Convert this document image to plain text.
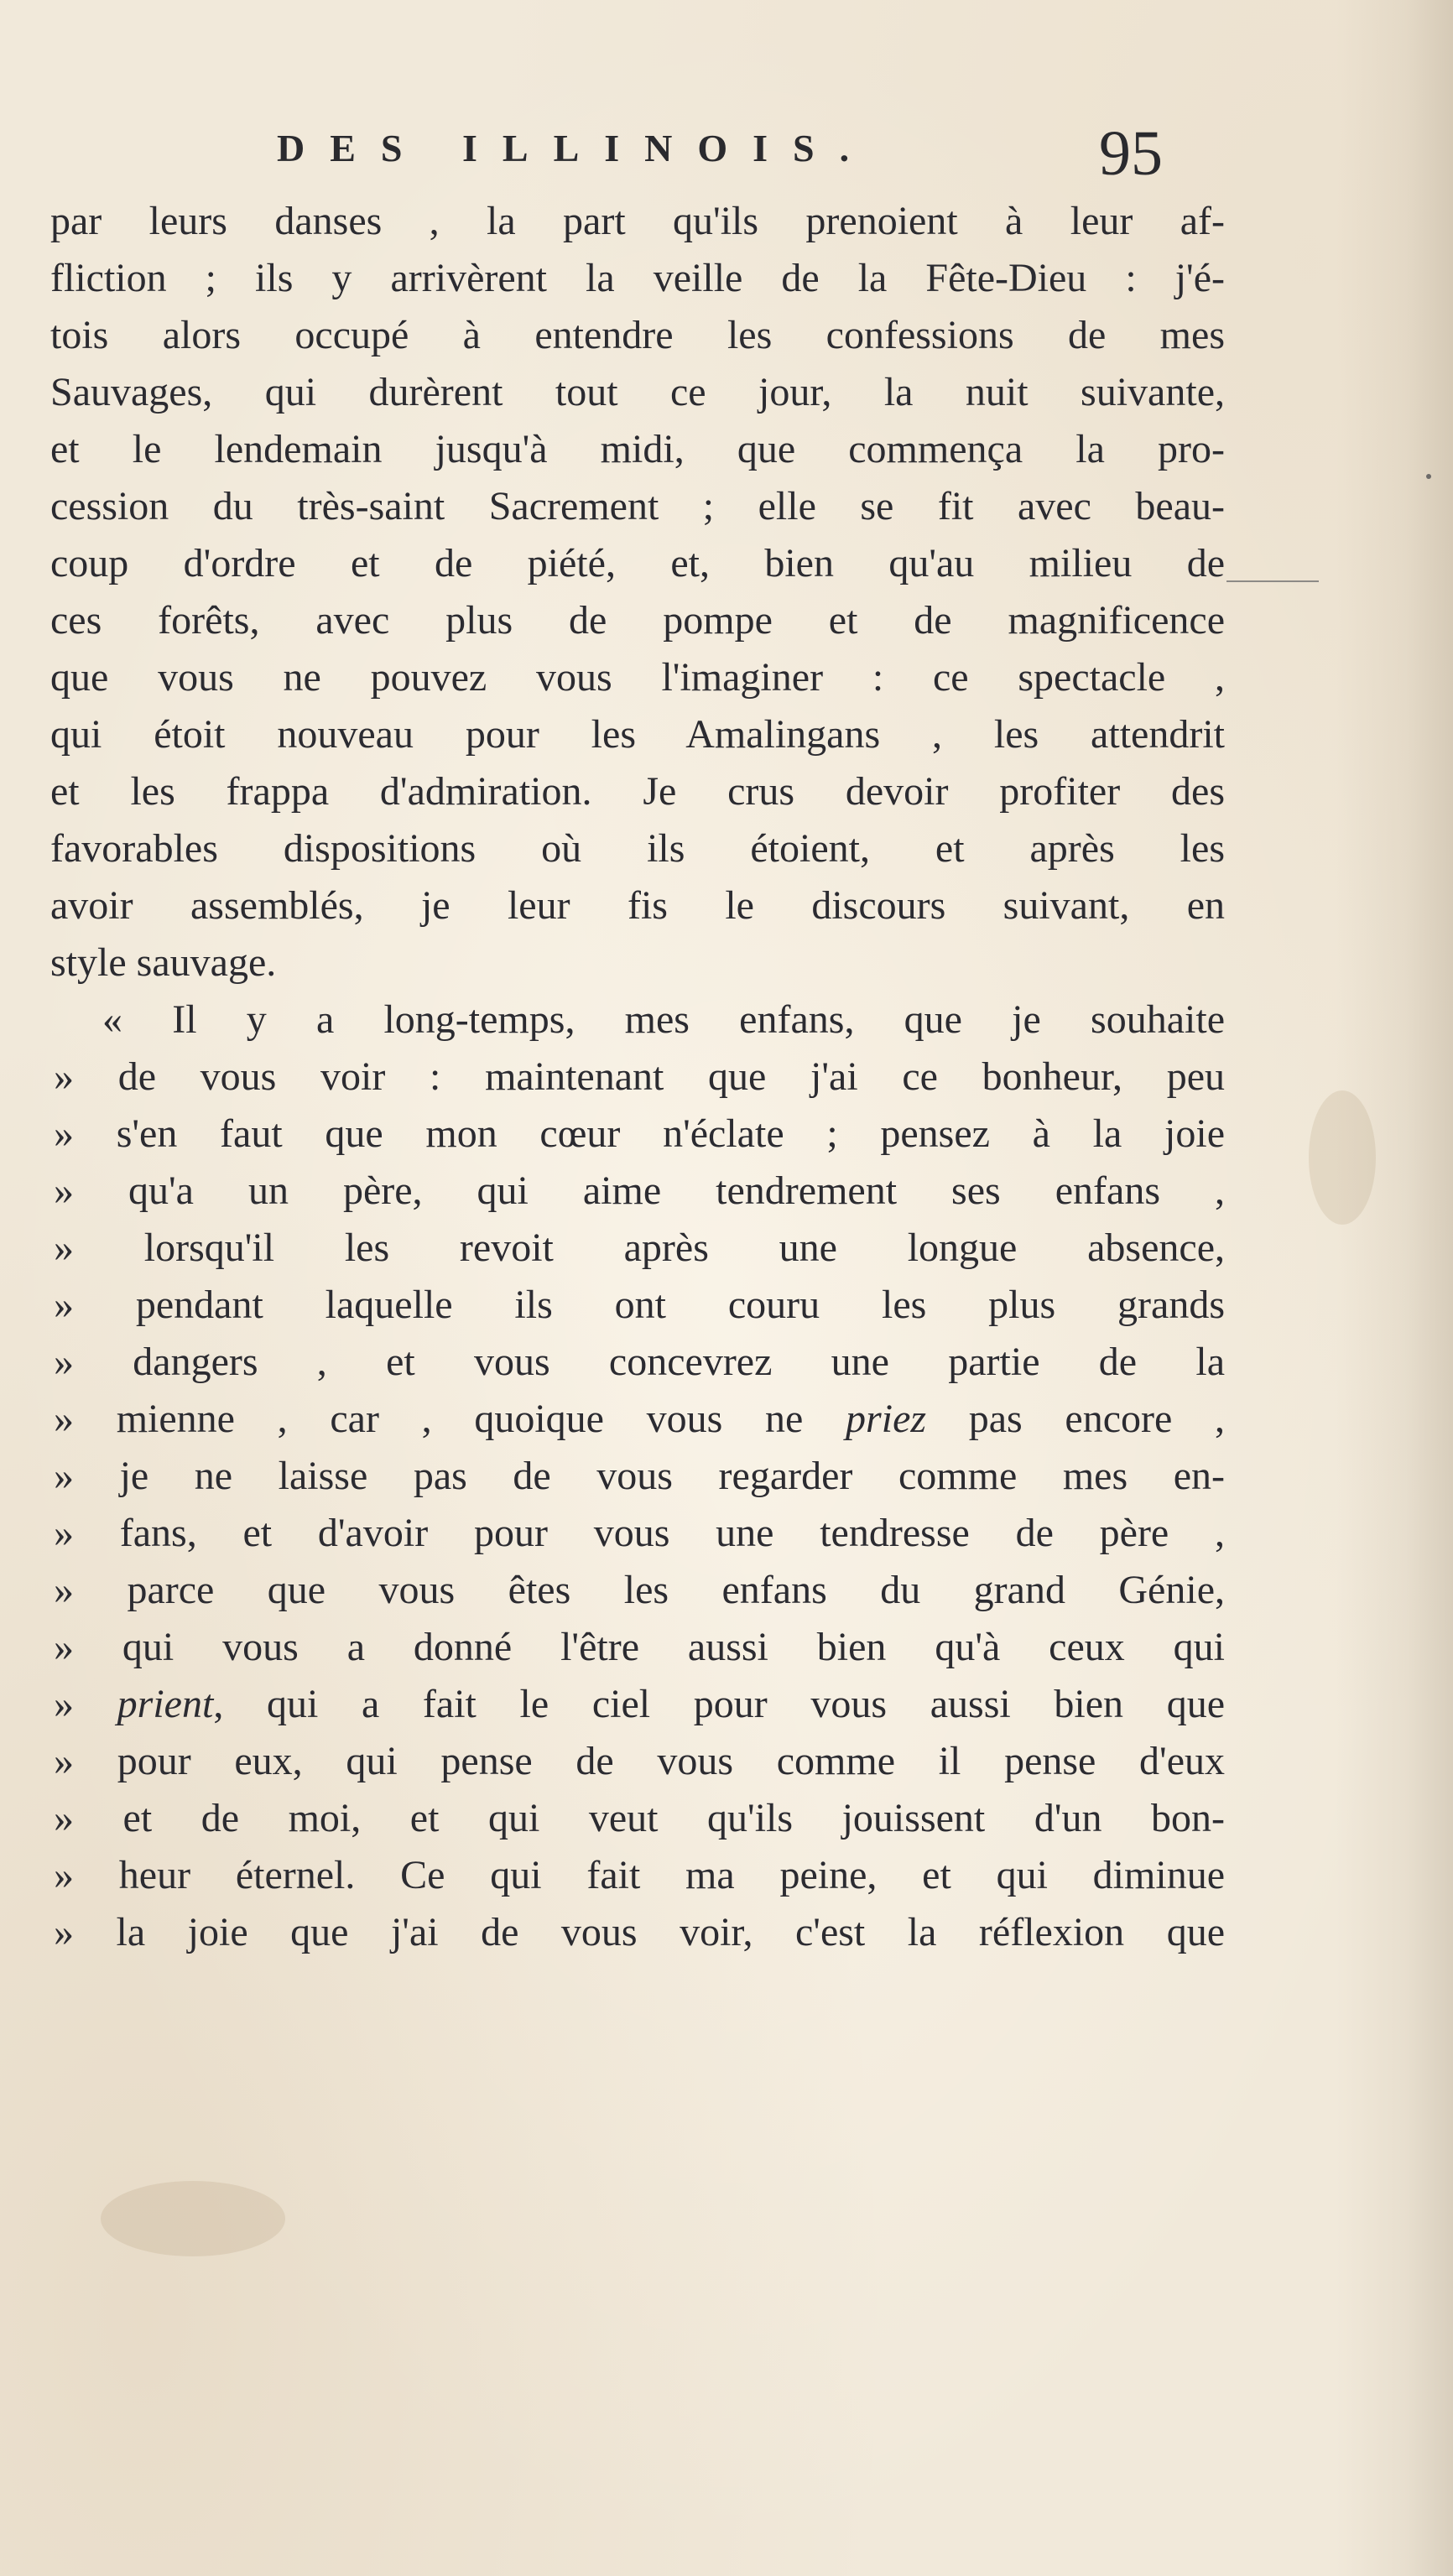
DES ILLINOIS.	95
par leurs danses , la part qu'ils prenoient à leur af-
fliction ; ils y arrivèrent la veille de la Fête-Dieu : j'é-
tois alors occupé à entendre les confessions de mes
Sauvages, qui durèrent tout ce jour, la nuit suivante,
et le lendemain jusqu'à midi, que commença la pro-
cession du très-saint Sacrement ; elle se fit avec beau-
coup d'ordre et de piété, et, bien qu'au milieu de
ces forêts, avec plus de pompe et de magnificence
que vous ne pouvez vous l'imaginer : ce spectacle ,
qui étoit nouveau pour les Amalingans , les attendrit
et les frappa d'admiration. Je crus devoir profiter des
favorables dispositions où ils étoient, et après les
avoir assemblés, je leur fis le discours suivant, en
style sauvage.
« Il y a long-temps, mes enfans, que je souhaite
» de vous voir : maintenant que j'ai ce bonheur, peu
» s'en faut que mon cœur n'éclate ; pensez à la joie
» qu'a un père, qui aime tendrement ses enfans ,
» lorsqu'il les revoit après une longue absence,
» pendant laquelle ils ont couru les plus grands
» dangers , et vous concevrez une partie de la
» mienne , car , quoique vous ne priez pas encore ,
» je ne laisse pas de vous regarder comme mes en-
» fans, et d'avoir pour vous une tendresse de père ,
» parce que vous êtes les enfans du grand Génie,
» qui vous a donné l'être aussi bien qu'à ceux qui
» prient, qui a fait le ciel pour vous aussi bien que
» pour eux, qui pense de vous comme il pense d'eux
» et de moi, et qui veut qu'ils jouissent d'un bon-
» heur éternel. Ce qui fait ma peine, et qui diminue
» la joie que j'ai de vous voir, c'est la réflexion que
